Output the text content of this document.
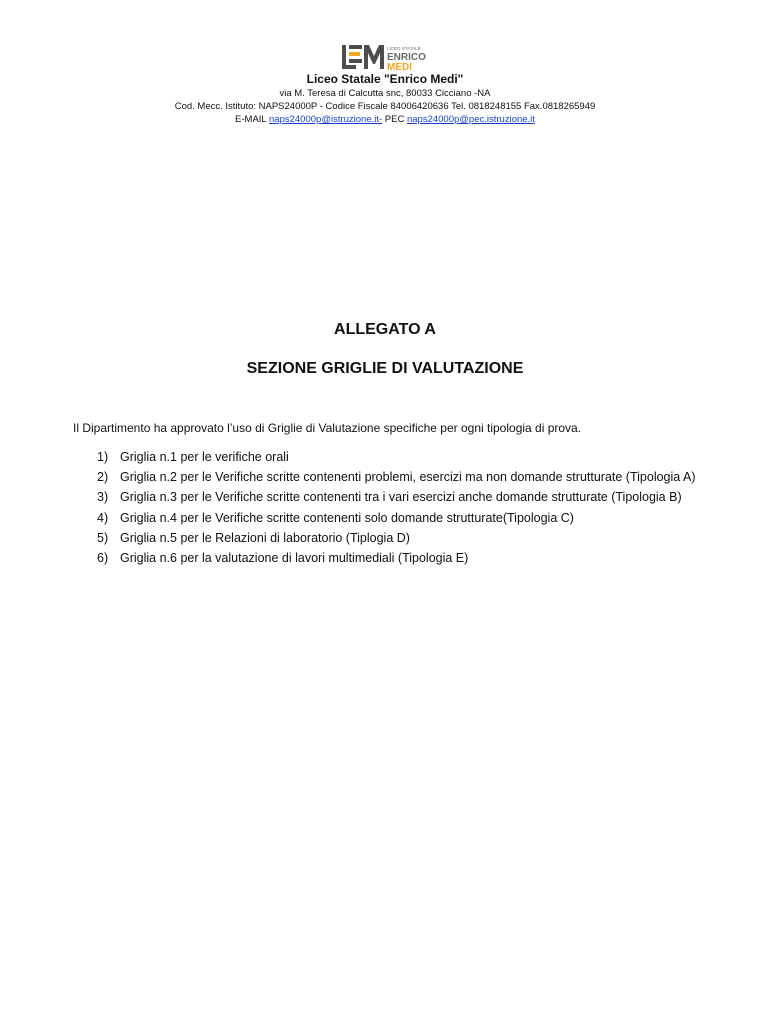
LICEO STATALE
ENRICO
MEDI
Liceo Statale "Enrico Medi"
via M. Teresa di Calcutta snc, 80033 Cicciano -NA
Cod. Mecc. Istituto: NAPS24000P - Codice Fiscale 84006420636 Tel. 0818248155 Fax.0818265949
E-MAIL naps24000p@istruzione.it- PEC naps24000p@pec.istruzione.it
ALLEGATO A
SEZIONE GRIGLIE DI VALUTAZIONE
Il Dipartimento ha approvato l’uso di Griglie di Valutazione specifiche per ogni tipologia di prova.
1) Griglia n.1 per le verifiche orali
2) Griglia n.2 per le Verifiche scritte contenenti problemi, esercizi ma non domande strutturate (Tipologia A)
3) Griglia n.3 per le Verifiche scritte contenenti tra i vari esercizi anche domande strutturate (Tipologia B)
4) Griglia n.4 per le Verifiche scritte contenenti solo domande strutturate(Tipologia C)
5) Griglia n.5 per le Relazioni di laboratorio (Tiplogia D)
6) Griglia n.6 per la valutazione di lavori multimediali (Tipologia E)
